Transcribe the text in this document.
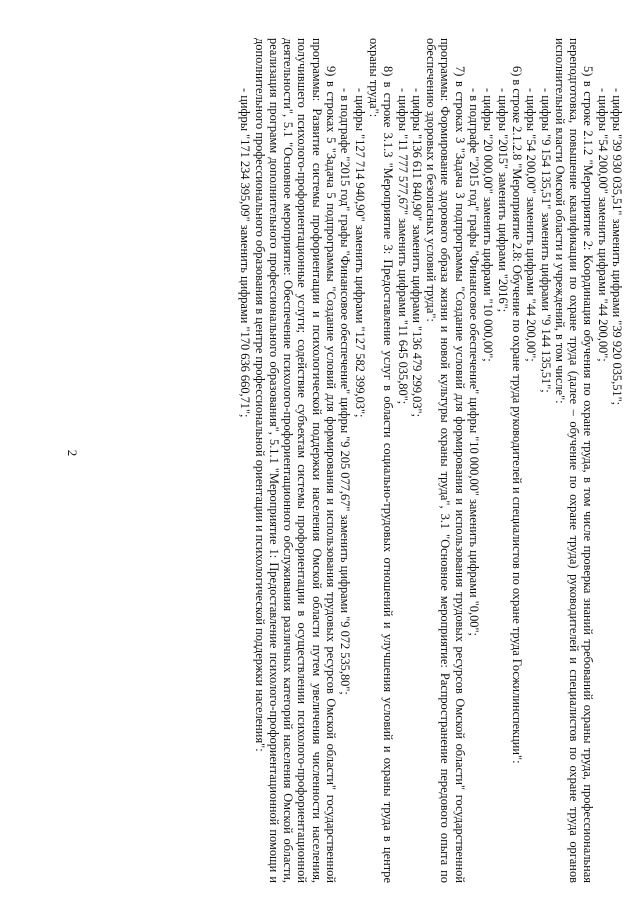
2

- цифры "39 930 035,51" заменить цифрами "39 920 035,51";

- цифры "54 200,00" заменить цифрами "44 200,00";

5) в строке 2.1.2 "Мероприятие 2: Координация обучения по охране труда, в том числе проверка знаний требований охраны труда, профессиональная переподготовка, повышение квалификации по охране труда (далее – обучение по охране труда) руководителей и специалистов по охране труда органов исполнительной власти Омской области и учреждений, в том числе":

- цифры "9 154 135,51" заменить цифрами "9 144 135,51";

- цифры "54 200,00" заменить цифрами "44 200,00";

6) в строке 2.1.2.8 "Мероприятие 2.8: Обучение по охране труда руководителей и специалистов по охране труда Госжилинспекции":

- цифры "2015" заменить цифрами "2016";

- цифры "20 000,00" заменить цифрами "10 000,00";

- в подграфе "2015 год" графы "Финансовое обеспечение" цифры "10 000,00" заменить цифрами "0,00";

7) в строках 3 "Задача 3 подпрограммы "Создание условий для формирования и использования трудовых ресурсов Омской области" государственной программы: Формирование здорового образа жизни и новой культуры охраны труда", 3.1 "Основное мероприятие: Распространение передового опыта по обеспечению здоровых и безопасных условий труда":

- цифры "136 611 840,90" заменить цифрами "136 479 299,03";

- цифры "11 777 577,67" заменить цифрами "11 645 035,80";

8) в строке 3.1.3 "Мероприятие 3: Предоставление услуг в области социально-трудовых отношений и улучшения условий и охраны труда в центре охраны труда":

- цифры "127 714 940,90" заменить цифрами "127 582 399,03";

- в подграфе "2015 год" графы "Финансовое обеспечение" цифры "9 205 077,67" заменить цифрами "9 072 535,80";

9) в строках 5 "Задача 5 подпрограммы "Создание условий для формирования и использования трудовых ресурсов Омской области" государственной программы: Развитие системы профориентации и психологической поддержки населения Омской области путем увеличения численности населения, получившего психолого-профориентационные услуги; содействие субъектам системы профориентации в осуществлении психолого-профориентационной деятельности", 5.1 "Основное мероприятие: Обеспечение психолого-профориентационного обслуживания различных категорий населения Омской области, реализация программ дополнительного профессионального образования", 5.1.1 "Мероприятие 1: Предоставление психолого-профориентационной помощи и дополнительного профессионального образования в центре профессиональной ориентации и психологической поддержки населения":

- цифры "171 234 395,09" заменить цифрами "170 636 660,71";
